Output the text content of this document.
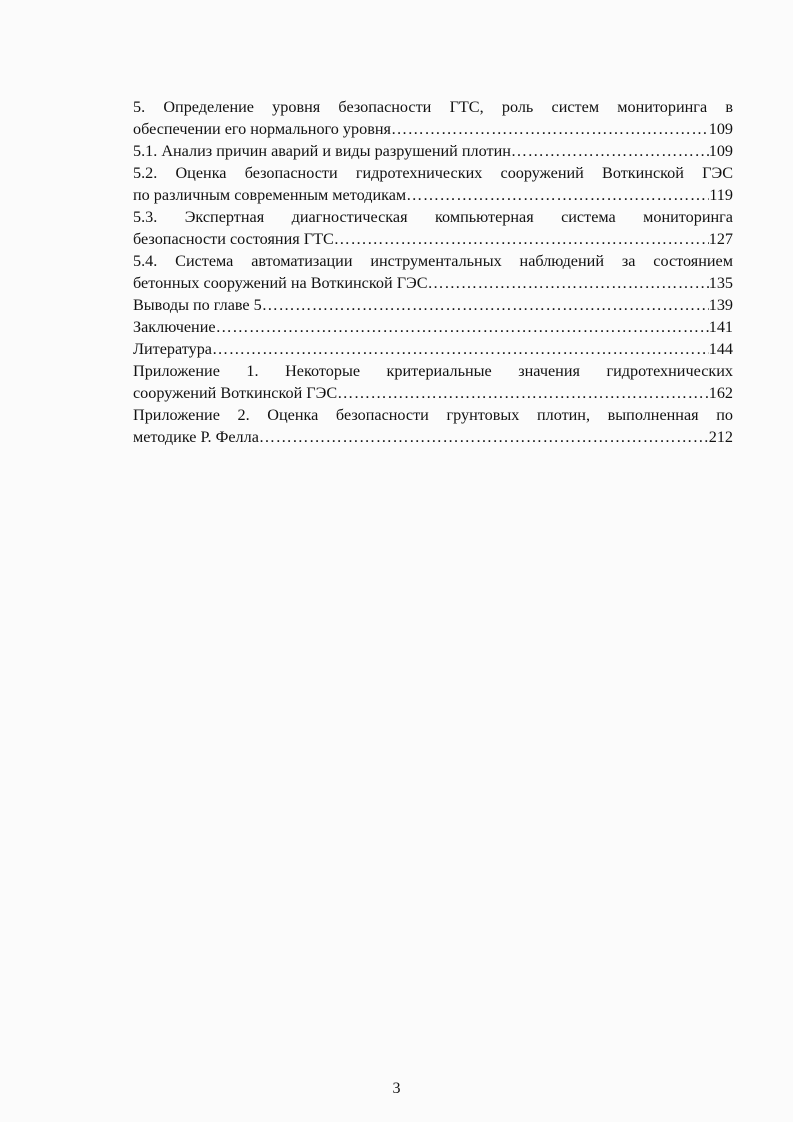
5. Определение уровня безопасности ГТС, роль систем мониторинга в
обеспечении его нормального уровня ……………………………………………………………………………………………………………………………………………………………………	109
5.1. Анализ причин аварий и виды разрушений плотин ……………………………………………………………………………………………………………………………………………………………………	109
5.2. Оценка безопасности гидротехнических сооружений Воткинской ГЭС
по различным современным методикам ……………………………………………………………………………………………………………………………………………………………………	119
5.3. Экспертная диагностическая компьютерная система мониторинга
безопасности состояния ГТС ……………………………………………………………………………………………………………………………………………………………………	127
5.4. Система автоматизации инструментальных наблюдений за состоянием
бетонных сооружений на Воткинской ГЭС ……………………………………………………………………………………………………………………………………………………………………	135
Выводы по главе 5 ……………………………………………………………………………………………………………………………………………………………………	139
Заключение ……………………………………………………………………………………………………………………………………………………………………	141
Литература ……………………………………………………………………………………………………………………………………………………………………	144
Приложение 1. Некоторые критериальные значения гидротехнических
сооружений Воткинской ГЭС ……………………………………………………………………………………………………………………………………………………………………	162
Приложение 2. Оценка безопасности грунтовых плотин, выполненная по
методике Р. Фелла ……………………………………………………………………………………………………………………………………………………………………	212
3
